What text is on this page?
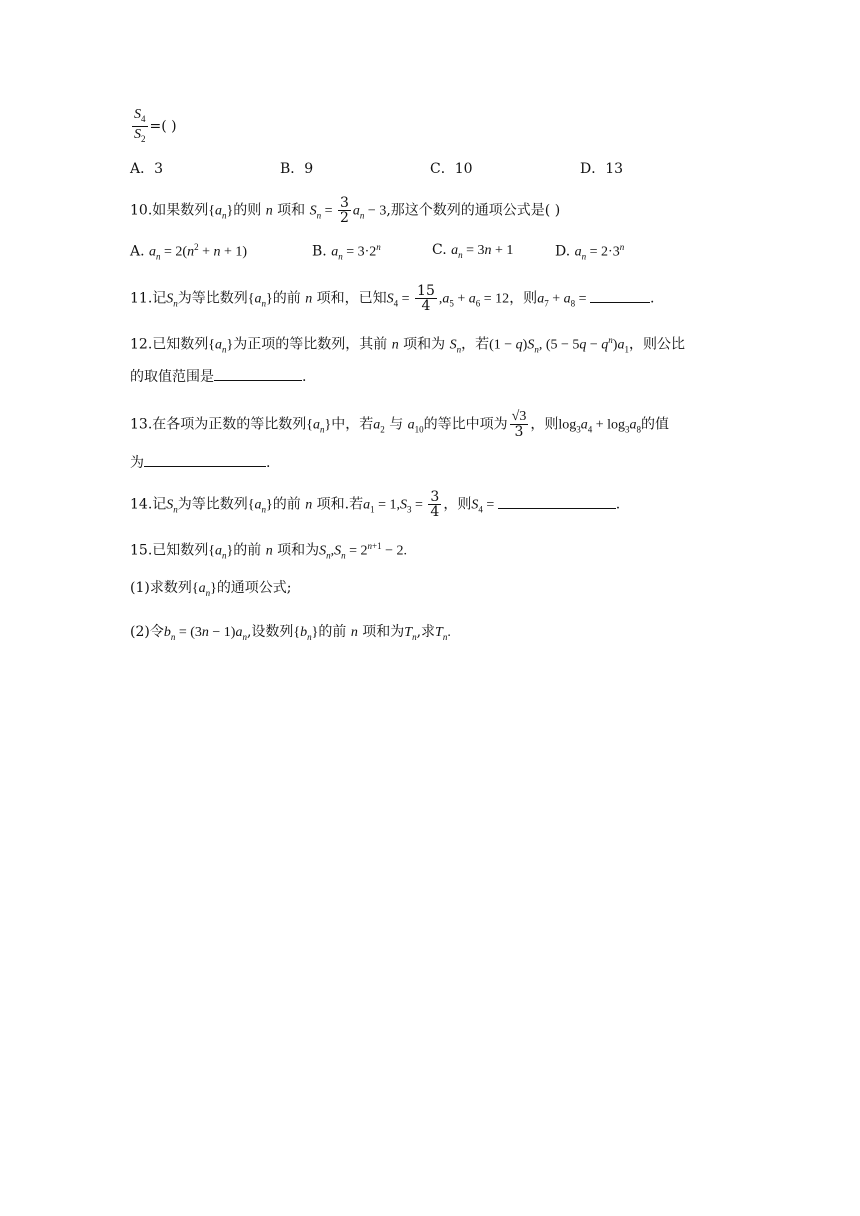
$\frac{S_4}{S_2}$ =( )
A．3	B．9	C．10	D．13
10.如果数列$\{a_n\}$的则 n 项和 $S_n = \frac{3}{2} a_n - 3$,那这个数列的通项公式是( )
A. $a_n = 2(n^2 + n + 1)$	B. $a_n = 3\cdot 2^n$	C. $a_n = 3n + 1$	D. $a_n = 2\cdot 3^n$
11.记$S_n$为等比数列$\{a_n\}$的前 n 项和，已知$S_4 = \frac{15}{4} ,a_5 + a_6 = 12$，则$a_7 + a_8$ =	.
12.已知数列$\{a_n\}$为正项的等比数列，其前 n 项和为 $S_n$，若$(1 - q)S_n$, $(5 - 5q - q^n)a_1$，则公比
的取值范围是	.
13.在各项为正数的等比数列$\{a_n\}$中，若$a_2$ 与 $a_{10}$的等比中项为 $\frac{√3}{3}$ ，则$\log_3a_4 + \log_3a_8$的值
为	.
14.记$S_n$为等比数列$\{a_n\}$的前 n 项和.若$a_1 = 1,S_3 = \frac{3}{4}$ ，则$S_4$ =	.
15.已知数列$\{a_n\}$的前 n 项和为$S_n,S_n = 2^{n+1} - 2$.
(1)求数列$\{a_n\}$的通项公式;
(2)令$b_n = (3n - 1)a_n$,设数列$\{b_n\}$的前 n 项和为$T_n$,求$T_n$.
